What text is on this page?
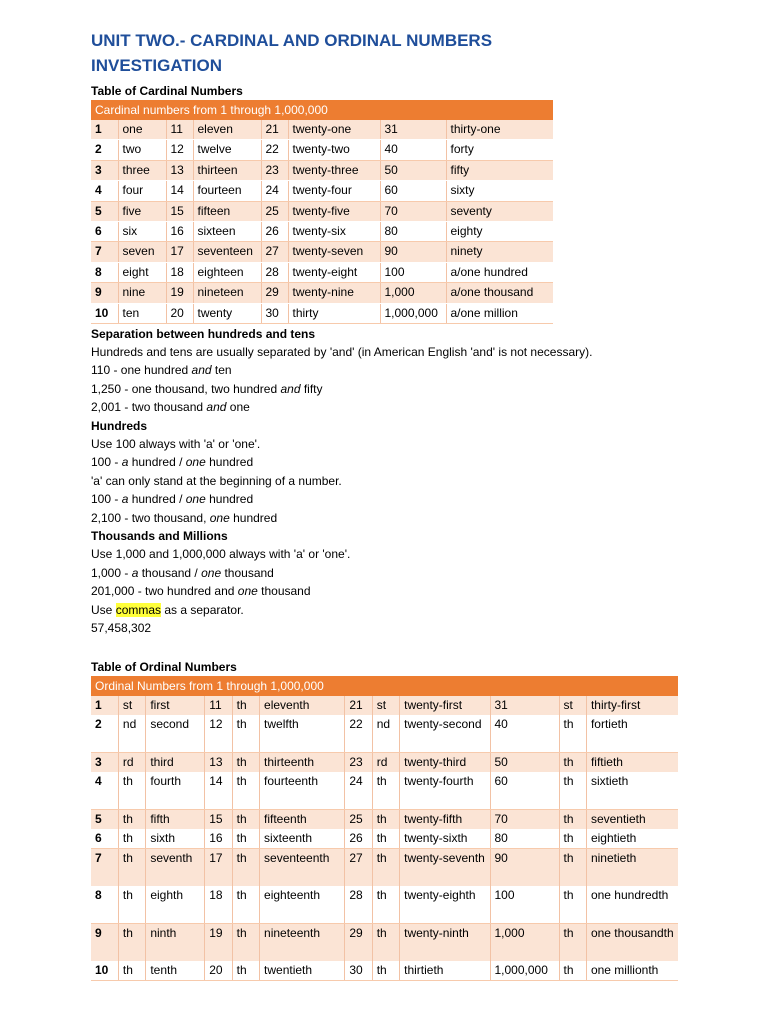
UNIT TWO.- CARDINAL AND ORDINAL NUMBERS
INVESTIGATION
Table of Cardinal Numbers
Cardinal numbers from 1 through 1,000,000							
1	one	11	eleven	21	twenty-one	31	thirty-one
2	two	12	twelve	22	twenty-two	40	forty
3	three	13	thirteen	23	twenty-three	50	fifty
4	four	14	fourteen	24	twenty-four	60	sixty
5	five	15	fifteen	25	twenty-five	70	seventy
6	six	16	sixteen	26	twenty-six	80	eighty
7	seven	17	seventeen	27	twenty-seven	90	ninety
8	eight	18	eighteen	28	twenty-eight	100	a/one hundred
9	nine	19	nineteen	29	twenty-nine	1,000	a/one thousand
10	ten	20	twenty	30	thirty	1,000,000	a/one million
Separation between hundreds and tens
Hundreds and tens are usually separated by 'and' (in American English 'and' is not necessary).
110 - one hundred and ten
1,250 - one thousand, two hundred and fifty
2,001 - two thousand and one
Hundreds
Use 100 always with 'a' or 'one'.
100 - a hundred / one hundred
'a' can only stand at the beginning of a number.
100 - a hundred / one hundred
2,100 - two thousand, one hundred
Thousands and Millions
Use 1,000 and 1,000,000 always with 'a' or 'one'.
1,000 - a thousand / one thousand
201,000 - two hundred and one thousand
Use commas as a separator.
57,458,302
Table of Ordinal Numbers
Ordinal Numbers from 1 through 1,000,000											
1	st	first	11	th	eleventh	21	st	twenty-first	31	st	thirty-first
2	nd	second	12	th	twelfth	22	nd	twenty-second	40	th	fortieth
3	rd	third	13	th	thirteenth	23	rd	twenty-third	50	th	fiftieth
4	th	fourth	14	th	fourteenth	24	th	twenty-fourth	60	th	sixtieth
5	th	fifth	15	th	fifteenth	25	th	twenty-fifth	70	th	seventieth
6	th	sixth	16	th	sixteenth	26	th	twenty-sixth	80	th	eightieth
7	th	seventh	17	th	seventeenth	27	th	twenty-seventh	90	th	ninetieth
8	th	eighth	18	th	eighteenth	28	th	twenty-eighth	100	th	one hundredth
9	th	ninth	19	th	nineteenth	29	th	twenty-ninth	1,000	th	one thousandth
10	th	tenth	20	th	twentieth	30	th	thirtieth	1,000,000	th	one millionth
